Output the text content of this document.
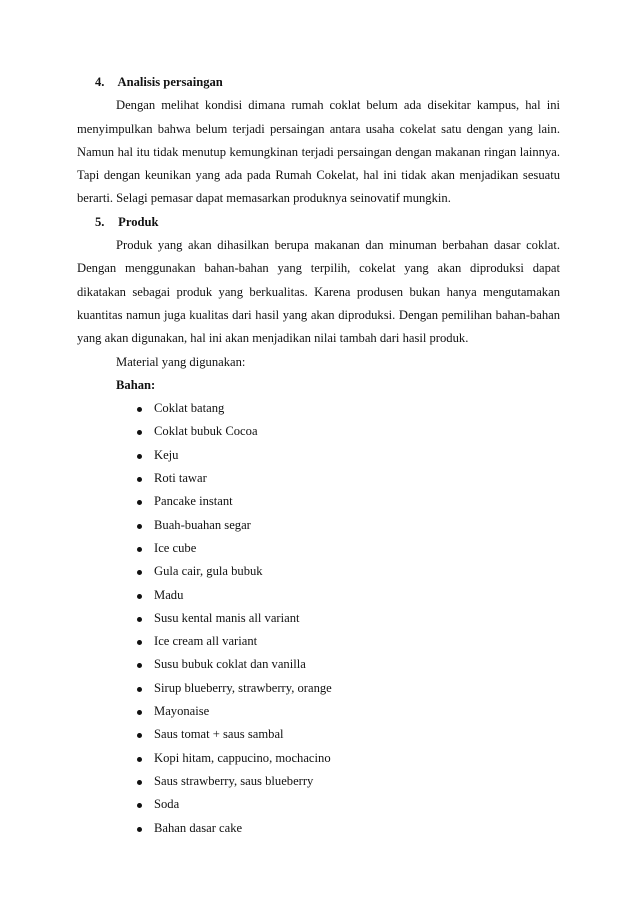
4. Analisis persaingan

Dengan melihat kondisi dimana rumah coklat belum ada disekitar kampus, hal ini menyimpulkan bahwa belum terjadi persaingan antara usaha cokelat satu dengan yang lain. Namun hal itu tidak menutup kemungkinan terjadi persaingan dengan makanan ringan lainnya. Tapi dengan keunikan yang ada pada Rumah Cokelat, hal ini tidak akan menjadikan sesuatu berarti. Selagi pemasar dapat memasarkan produknya seinovatif mungkin.

5. Produk

Produk yang akan dihasilkan berupa makanan dan minuman berbahan dasar coklat. Dengan menggunakan bahan-bahan yang terpilih, cokelat yang akan diproduksi dapat dikatakan sebagai produk yang berkualitas. Karena produsen bukan hanya mengutamakan kuantitas namun juga kualitas dari hasil yang akan diproduksi. Dengan pemilihan bahan-bahan yang akan digunakan, hal ini akan menjadikan nilai tambah dari hasil produk.

Material yang digunakan:
Bahan:
Coklat batang
Coklat bubuk Cocoa
Keju
Roti tawar
Pancake instant
Buah-buahan segar
Ice cube
Gula cair, gula bubuk
Madu
Susu kental manis all variant
Ice cream all variant
Susu bubuk coklat dan vanilla
Sirup blueberry, strawberry, orange
Mayonaise
Saus tomat + saus sambal
Kopi hitam, cappucino, mochacino
Saus strawberry, saus blueberry
Soda
Bahan dasar cake
